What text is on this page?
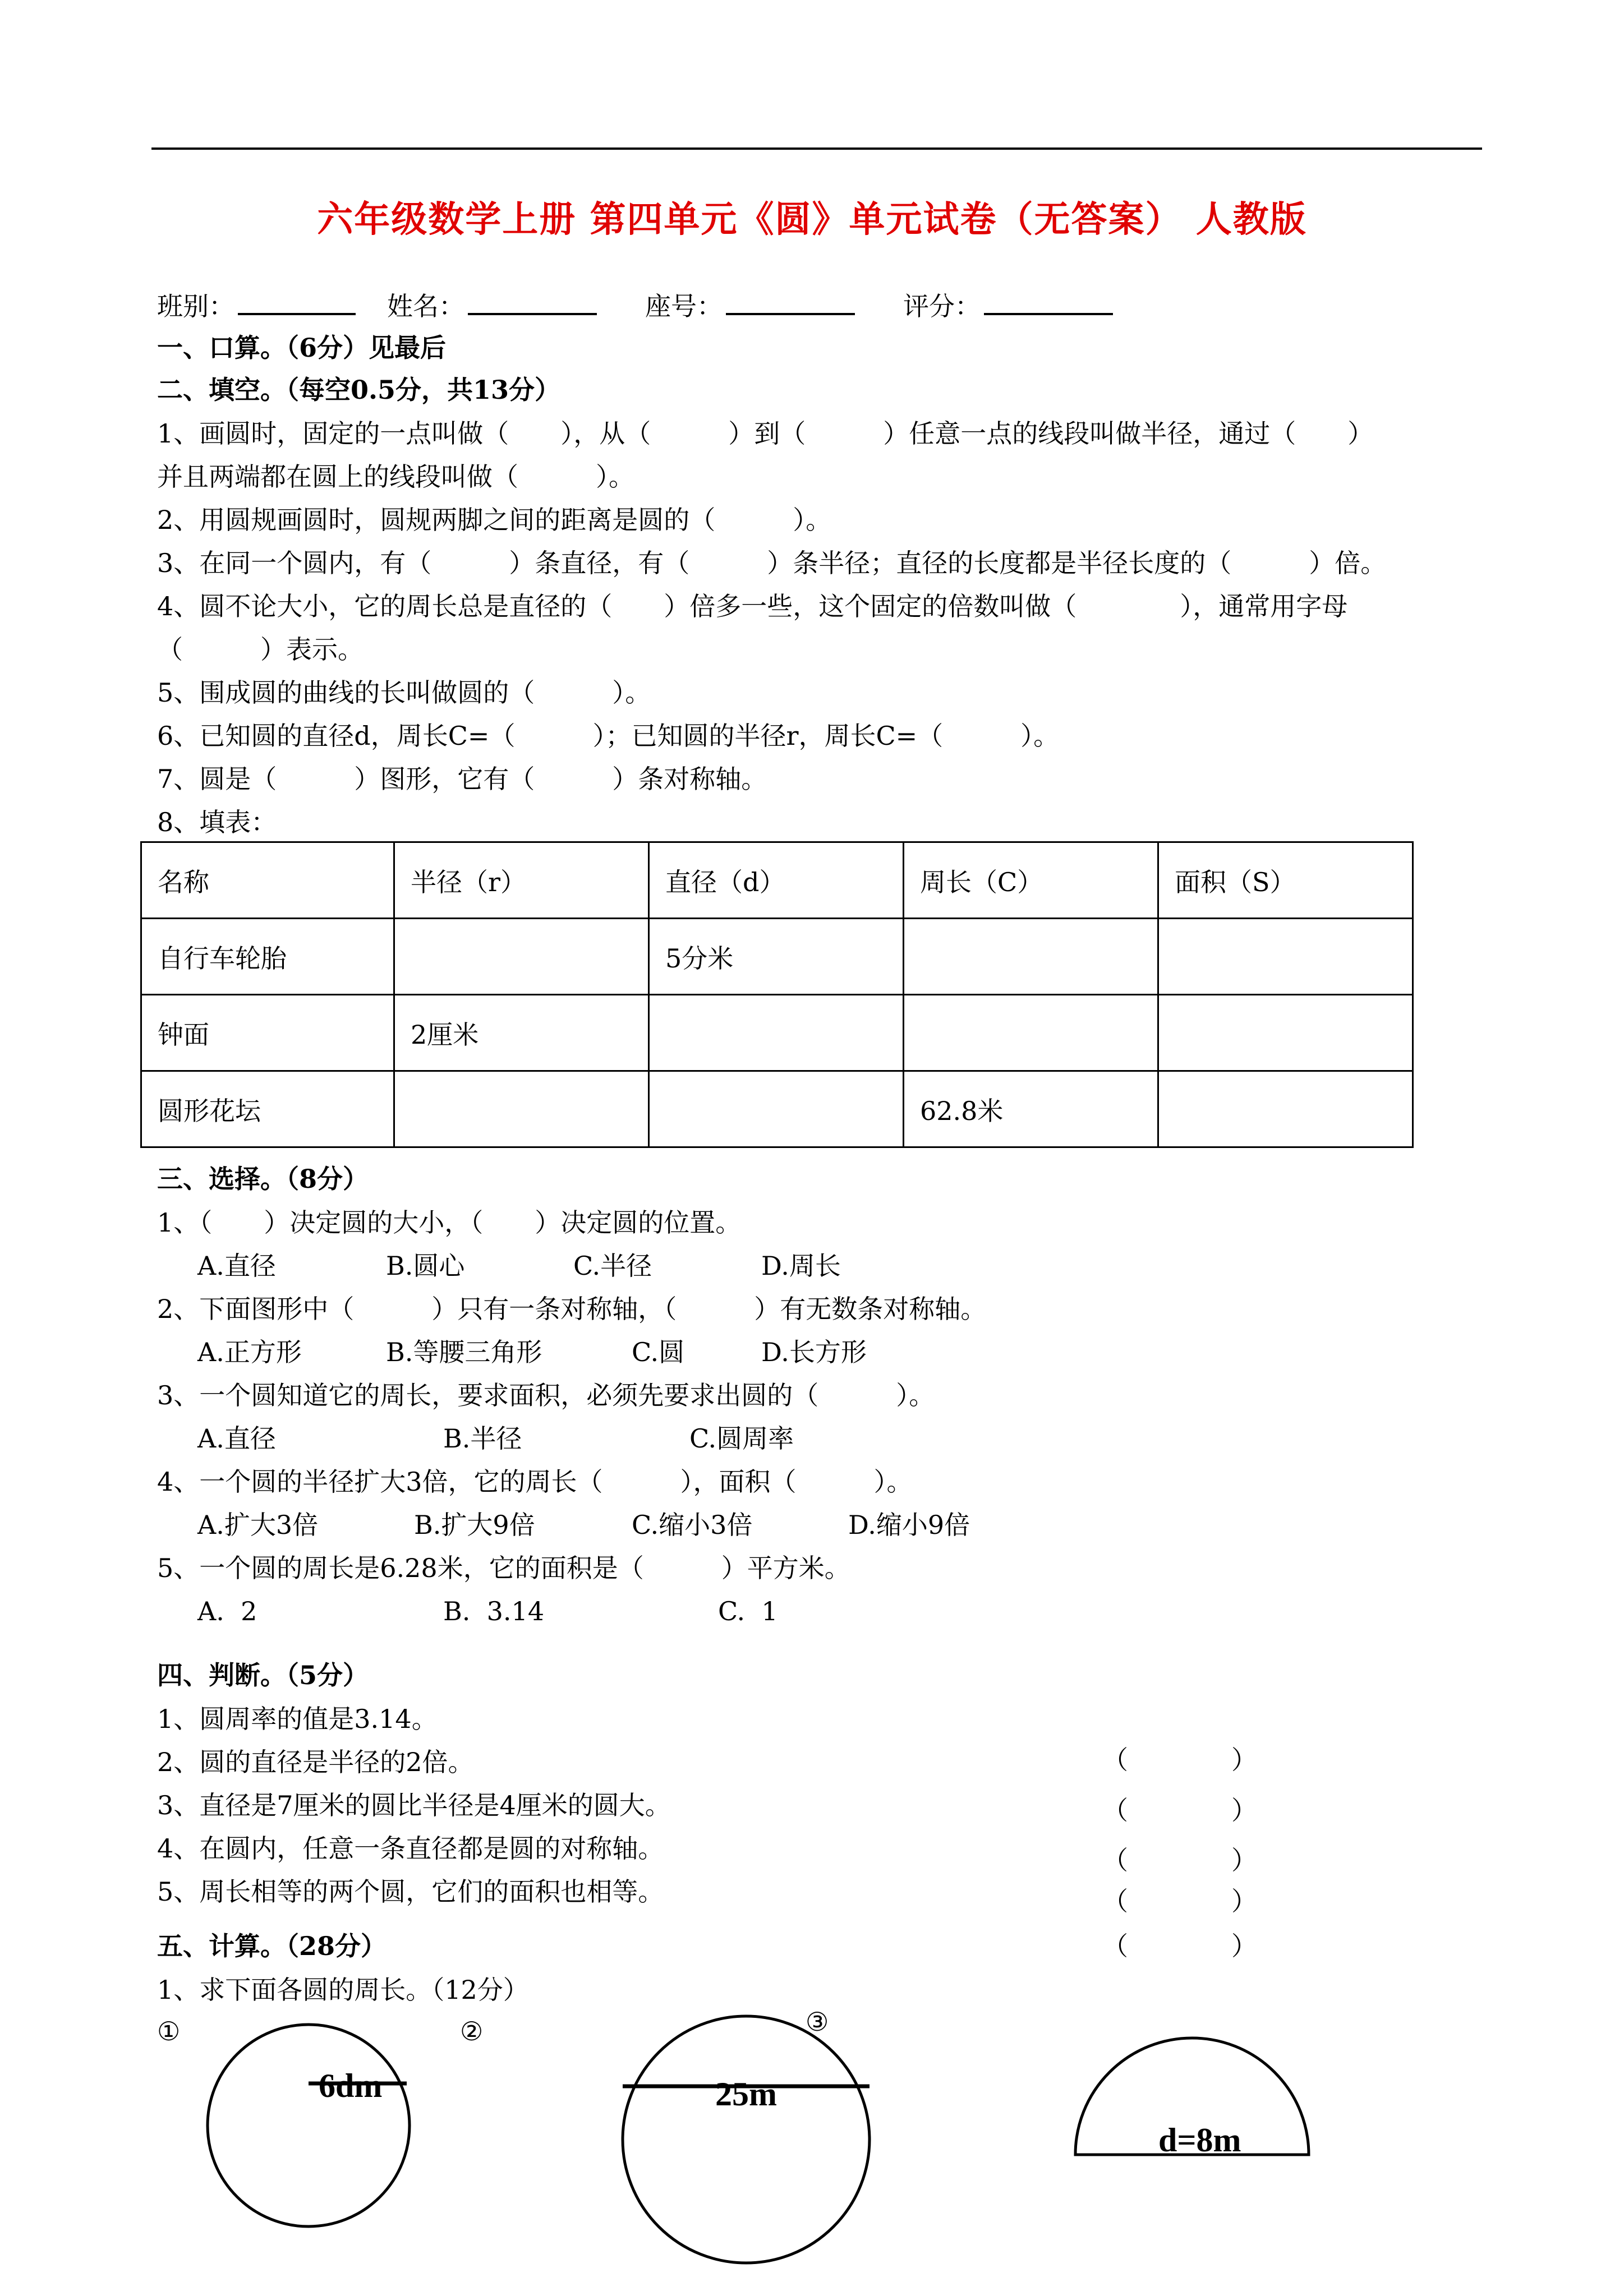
六年级数学上册 第四单元《圆》单元试卷（无答案） 人教版
班别：	姓名：	座号：	评分：
一、口算。（6分）见最后
二、填空。（每空0.5分，共13分）
1、画圆时，固定的一点叫做（　　），从（　　　）到（　　　）任意一点的线段叫做半径，通过（　　）
并且两端都在圆上的线段叫做（　　　）。
2、用圆规画圆时，圆规两脚之间的距离是圆的（　　　）。
3、在同一个圆内，有（　　　）条直径，有（　　　）条半径；直径的长度都是半径长度的（　　　）倍。
4、圆不论大小，它的周长总是直径的（　　）倍多一些，这个固定的倍数叫做（　　　　），通常用字母
（　　　）表示。
5、围成圆的曲线的长叫做圆的（　　　）。
6、已知圆的直径d，周长C=（　　　）；已知圆的半径r，周长C=（　　　）。
7、圆是（　　　）图形，它有（　　　）条对称轴。
8、填表：
名称	半径（r）	直径（d）	周长（C）	面积（S）
自行车轮胎		5分米		
钟面	2厘米			
圆形花坛			62.8米	
三、选择。（8分）
1、（　　）决定圆的大小，（　　）决定圆的位置。
A.直径	B.圆心	C.半径	D.周长
2、下面图形中（　　　）只有一条对称轴，（　　　）有无数条对称轴。
A.正方形	B.等腰三角形	C.圆	D.长方形
3、一个圆知道它的周长，要求面积，必须先要求出圆的（　　　）。
A.直径	B.半径	C.圆周率
4、一个圆的半径扩大3倍，它的周长（　　　），面积（　　　）。
A.扩大3倍	B.扩大9倍	C.缩小3倍	D.缩小9倍
5、一个圆的周长是6.28米，它的面积是（　　　）平方米。
A.  2	B.  3.14	C.  1
四、判断。（5分）
1、圆周率的值是3.14。
2、圆的直径是半径的2倍。
3、直径是7厘米的圆比半径是4厘米的圆大。
4、在圆内，任意一条直径都是圆的对称轴。
5、周长相等的两个圆，它们的面积也相等。
（　　　　）
（　　　　）
（　　　　）
（　　　　）
（　　　　）
五、计算。（28分）
1、求下面各圆的周长。（12分）
①	②	③
6dm	25m
d=8m
